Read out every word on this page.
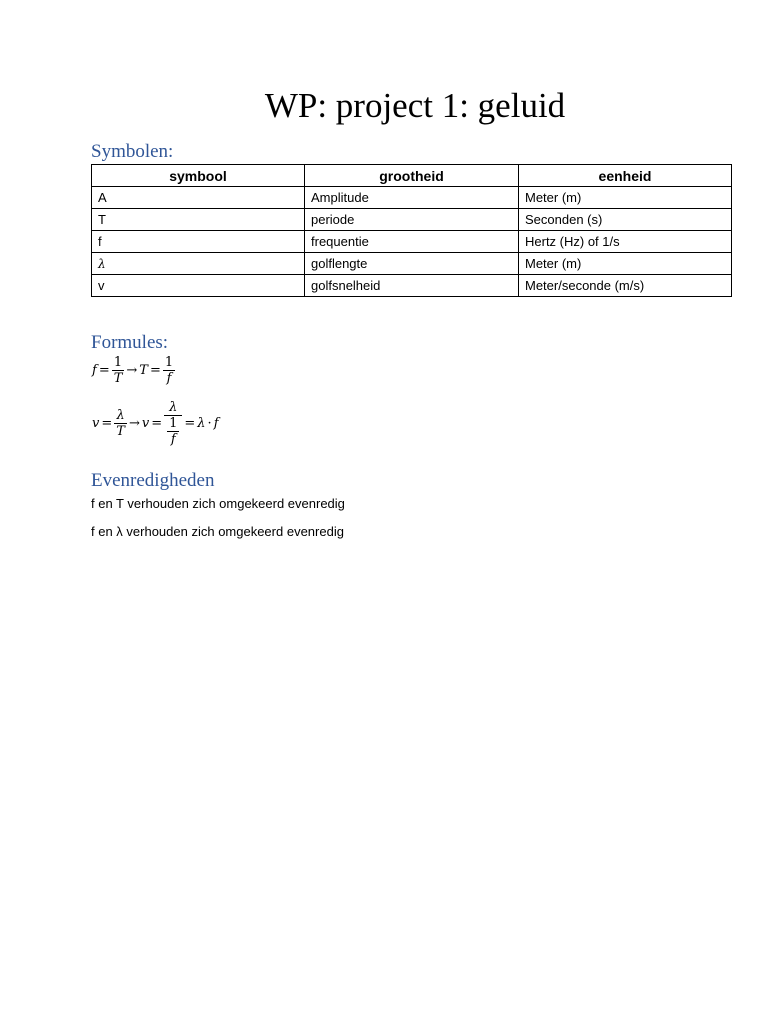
WP: project 1: geluid
Symbolen:
symbool	grootheid	eenheid
A	Amplitude	Meter (m)
T	periode	Seconden (s)
f	frequentie	Hertz (Hz) of 1/s
λ	golflengte	Meter (m)
v	golfsnelheid	Meter/seconde (m/s)
Formules:
$f = \frac{1}{T} \to T = \frac{1}{f}$
$v = \frac{\lambda}{T} \to v = \frac{\lambda}{\frac{1}{f}} = \lambda \cdot f$
Evenredigheden
f en T verhouden zich omgekeerd evenredig
f en λ verhouden zich omgekeerd evenredig
